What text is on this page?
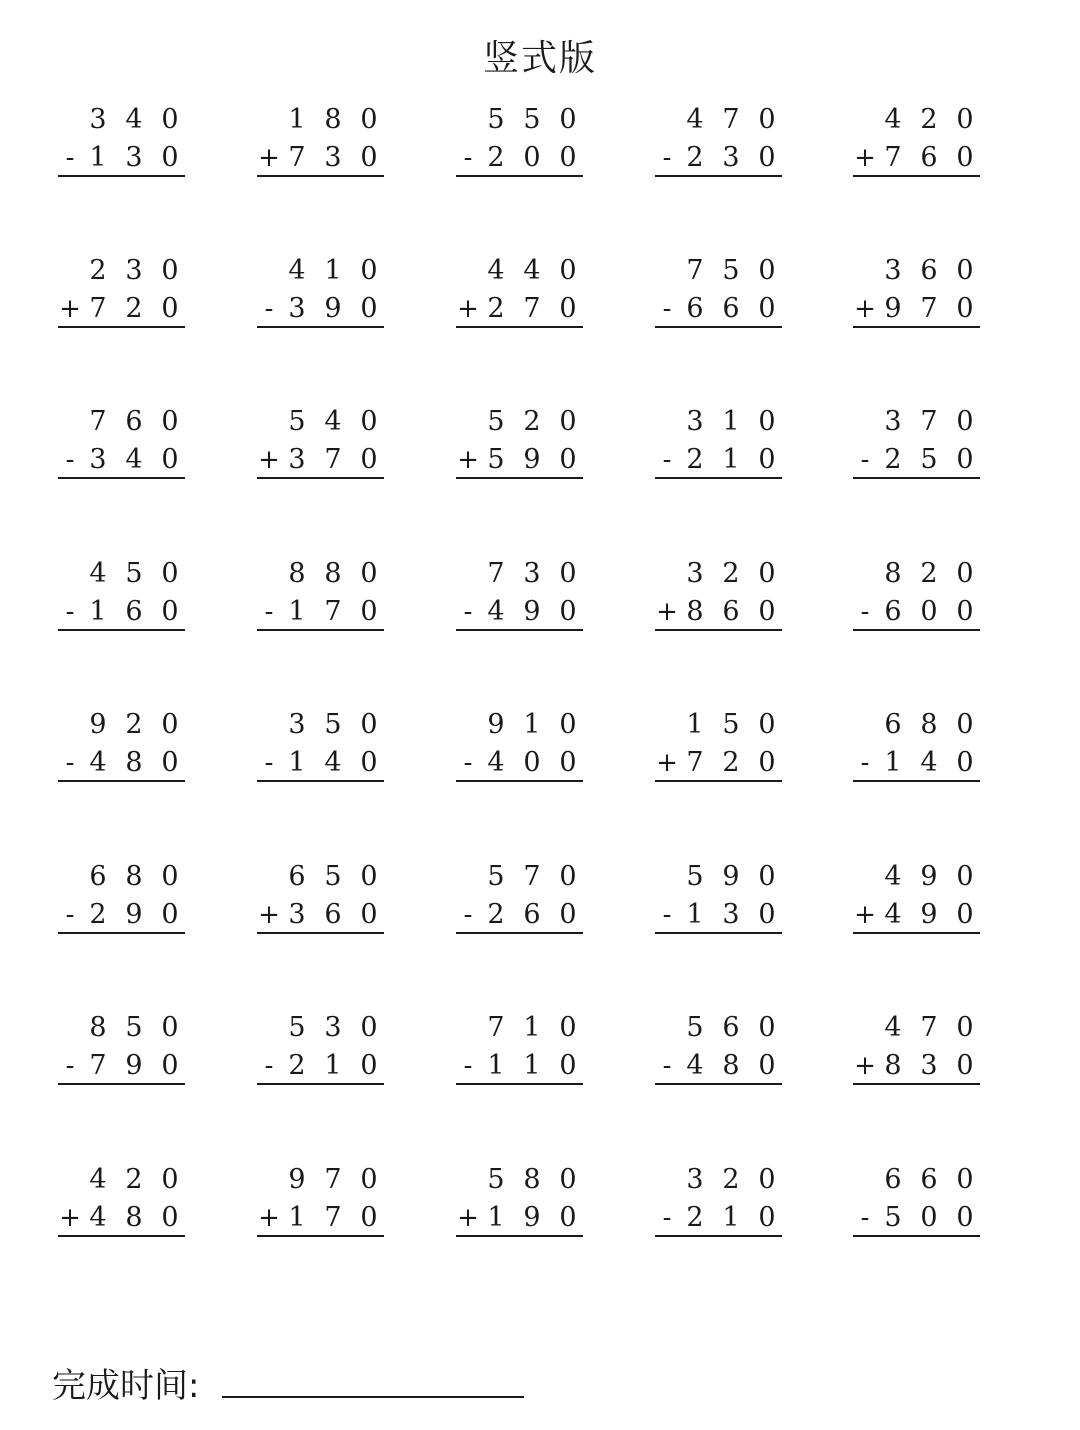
竖式版
3 4 0
1 3 0
-
1 8 0
7 3 0
+
5 5 0
2 0 0
-
4 7 0
2 3 0
-
4 2 0
7 6 0
+
2 3 0
7 2 0
+
4 1 0
3 9 0
-
4 4 0
2 7 0
+
7 5 0
6 6 0
-
3 6 0
9 7 0
+
7 6 0
3 4 0
-
5 4 0
3 7 0
+
5 2 0
5 9 0
+
3 1 0
2 1 0
-
3 7 0
2 5 0
-
4 5 0
1 6 0
-
8 8 0
1 7 0
-
7 3 0
4 9 0
-
3 2 0
8 6 0
+
8 2 0
6 0 0
-
9 2 0
4 8 0
-
3 5 0
1 4 0
-
9 1 0
4 0 0
-
1 5 0
7 2 0
+
6 8 0
1 4 0
-
6 8 0
2 9 0
-
6 5 0
3 6 0
+
5 7 0
2 6 0
-
5 9 0
1 3 0
-
4 9 0
4 9 0
+
8 5 0
7 9 0
-
5 3 0
2 1 0
-
7 1 0
1 1 0
-
5 6 0
4 8 0
-
4 7 0
8 3 0
+
4 2 0
4 8 0
+
9 7 0
1 7 0
+
5 8 0
1 9 0
+
3 2 0
2 1 0
-
6 6 0
5 0 0
-
完成时间:
